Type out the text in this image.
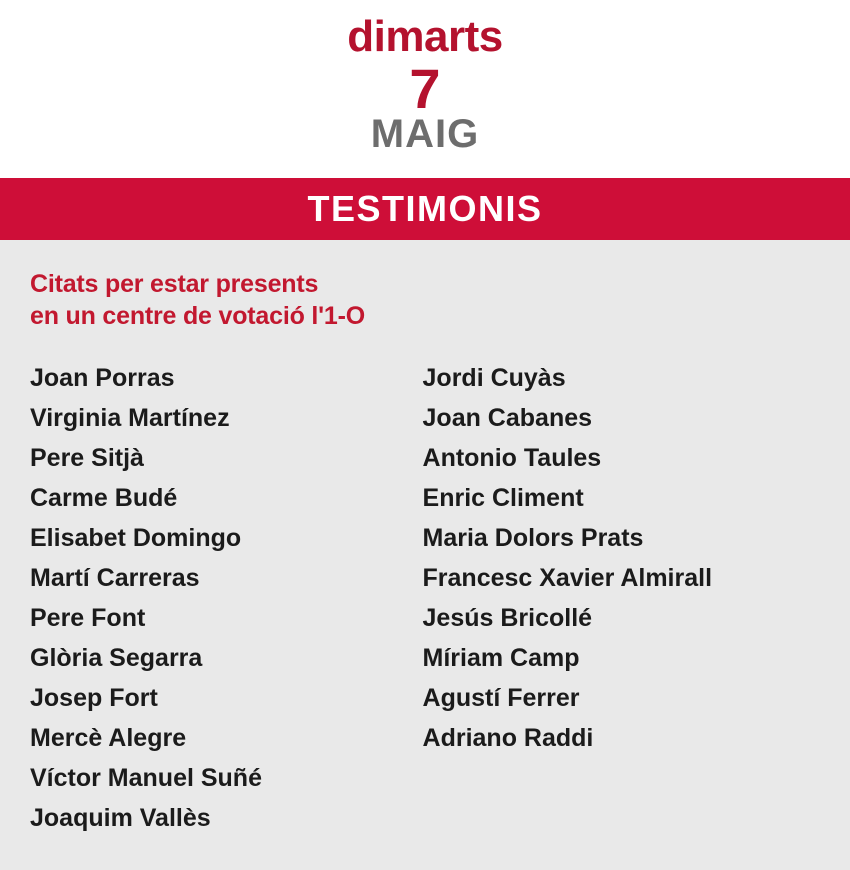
dimarts
7
MAIG
TESTIMONIS
Citats per estar presents
en un centre de votació l'1-O
Joan Porras
Virginia Martínez
Pere Sitjà
Carme Budé
Elisabet Domingo
Martí Carreras
Pere Font
Glòria Segarra
Josep Fort
Mercè Alegre
Víctor Manuel Suñé
Joaquim Vallès
Jordi Cuyàs
Joan Cabanes
Antonio Taules
Enric Climent
Maria Dolors Prats
Francesc Xavier Almirall
Jesús Bricollé
Míriam Camp
Agustí Ferrer
Adriano Raddi
